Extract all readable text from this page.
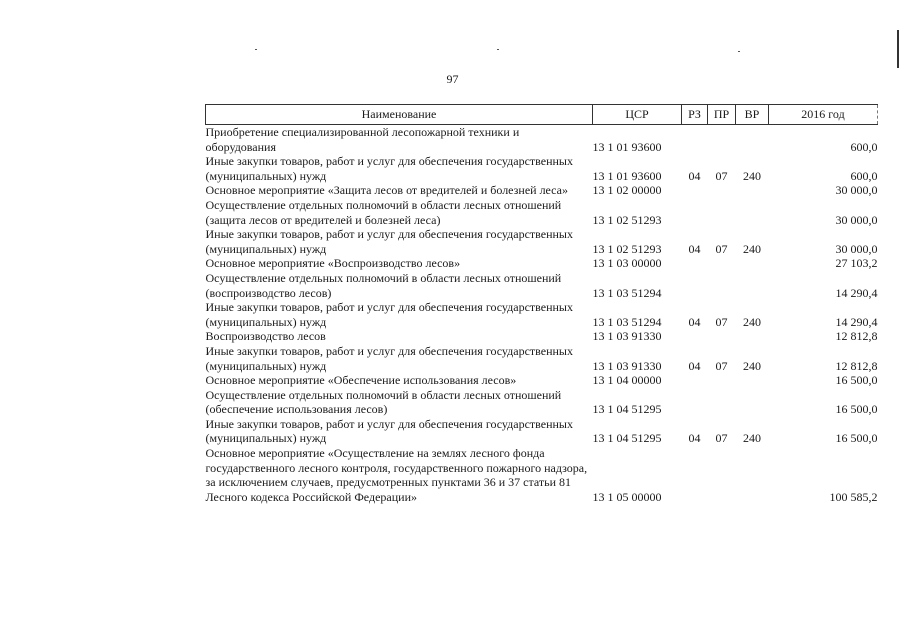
97
Наименование	ЦСР	РЗ	ПР	ВР	2016 год
Приобретение специализированной лесопожарной техники и оборудования	13 1 01 93600				600,0
Иные закупки товаров, работ и услуг для обеспечения государственных (муниципальных) нужд	13 1 01 93600	04	07	240	600,0
Основное мероприятие «Защита лесов от вредителей и болезней леса»	13 1 02 00000				30 000,0
Осуществление отдельных полномочий в области лесных отношений (защита лесов от вредителей и болезней леса)	13 1 02 51293				30 000,0
Иные закупки товаров, работ и услуг для обеспечения государственных (муниципальных) нужд	13 1 02 51293	04	07	240	30 000,0
Основное мероприятие «Воспроизводство лесов»	13 1 03 00000				27 103,2
Осуществление отдельных полномочий в области лесных отношений (воспроизводство лесов)	13 1 03 51294				14 290,4
Иные закупки товаров, работ и услуг для обеспечения государственных (муниципальных) нужд	13 1 03 51294	04	07	240	14 290,4
Воспроизводство лесов	13 1 03 91330				12 812,8
Иные закупки товаров, работ и услуг для обеспечения государственных (муниципальных) нужд	13 1 03 91330	04	07	240	12 812,8
Основное мероприятие «Обеспечение использования лесов»	13 1 04 00000				16 500,0
Осуществление отдельных полномочий в области лесных отношений (обеспечение использования лесов)	13 1 04 51295				16 500,0
Иные закупки товаров, работ и услуг для обеспечения государственных (муниципальных) нужд	13 1 04 51295	04	07	240	16 500,0
Основное мероприятие «Осуществление на землях лесного фонда государственного лесного контроля, государственного пожарного надзора, за исключением случаев, предусмотренных пунктами 36 и 37 статьи 81 Лесного кодекса Российской Федерации»	13 1 05 00000				100 585,2
